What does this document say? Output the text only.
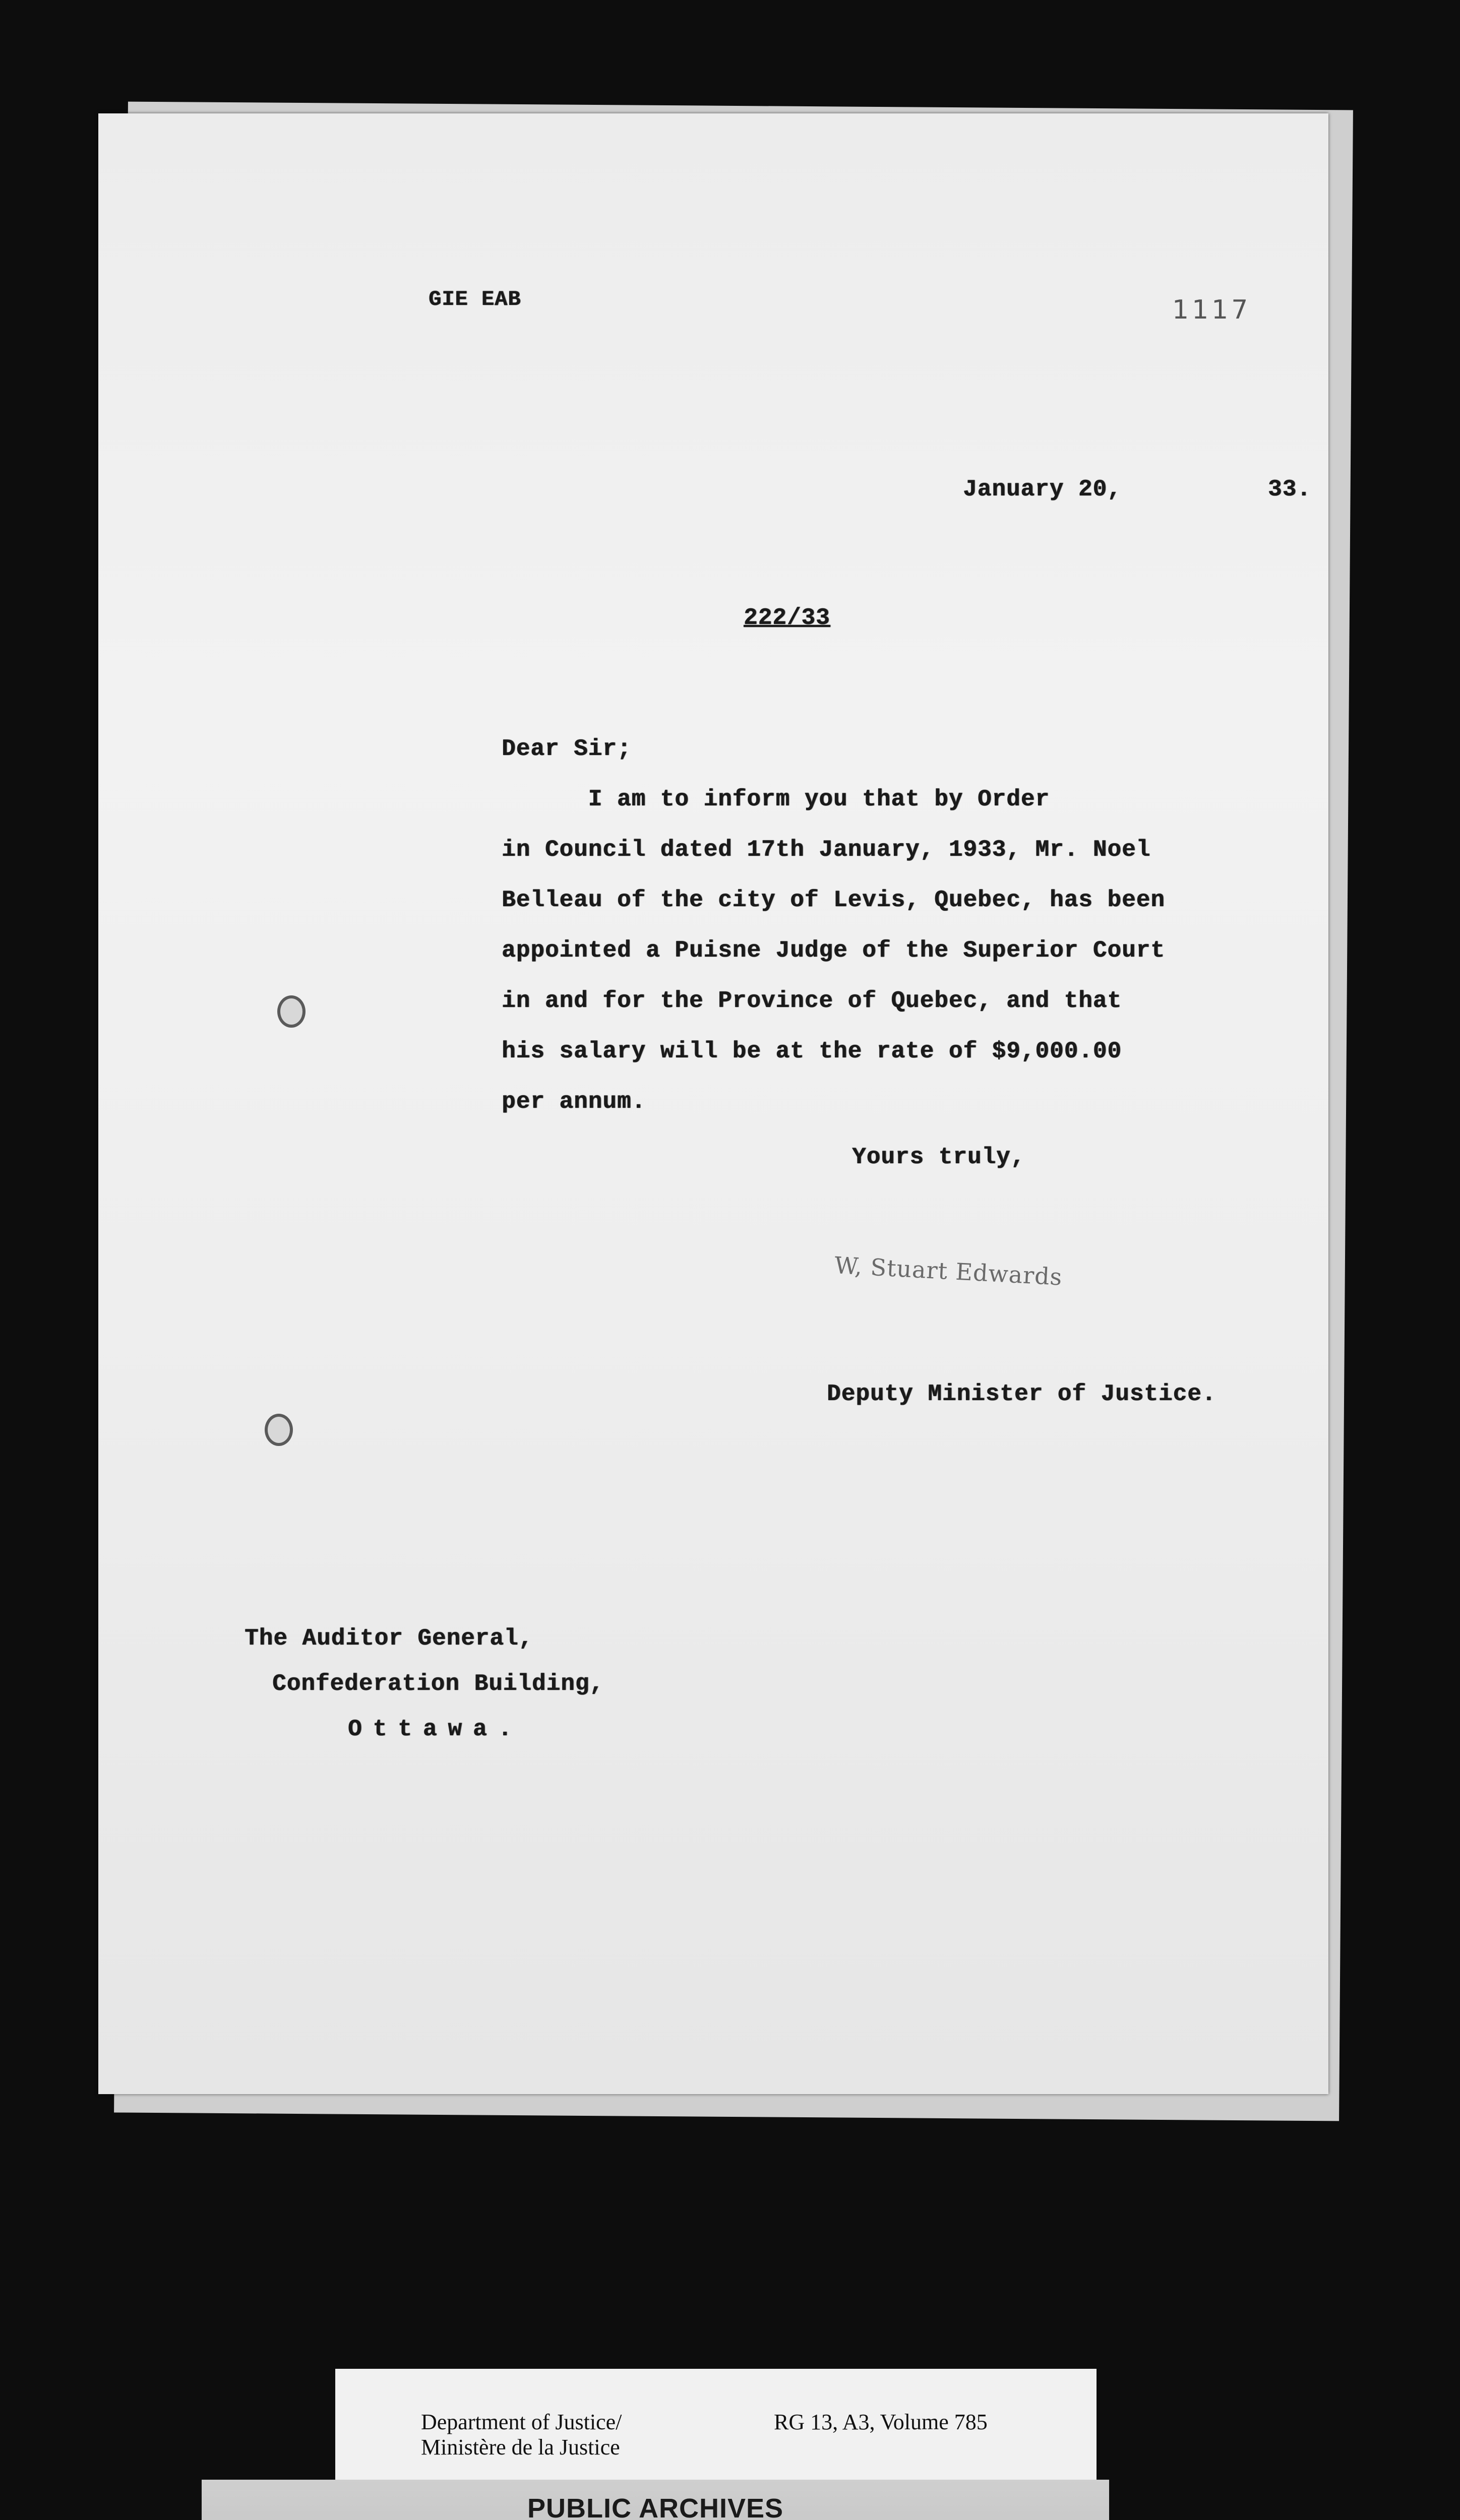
GIE EAB	1117
January 20,	33.
222/33
Dear Sir;
I am to inform you that by Order
in Council dated 17th January, 1933, Mr. Noel
Belleau of the city of Levis, Quebec, has been
appointed a Puisne Judge of the Superior Court
in and for the Province of Quebec, and that
his salary will be at the rate of $9,000.00
per annum.
Yours truly,
W, Stuart Edwards
Deputy Minister of Justice.
The Auditor General,
Confederation Building,
Ottawa.
Department of Justice/
Ministère de la Justice
RG 13, A3, Volume 785
PUBLIC ARCHIVES
